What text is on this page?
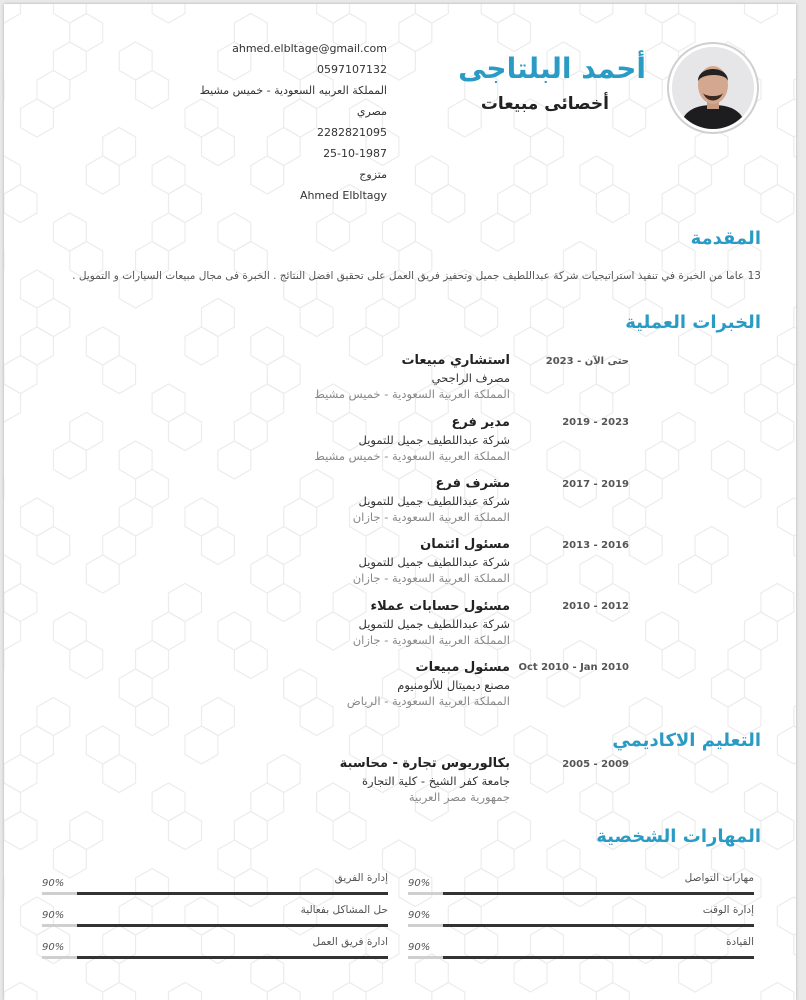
أحمد البلتاجى
أخصائى مبيعات
ahmed.elbltage@gmail.com
0597107132
المملكة العربيه السعودية - خميس مشيط
مصري
2282821095
25-10-1987
متزوج
Ahmed Elbltagy
المقدمة
13 عاما من الخبرة في تنفيذ استراتيجيات شركة عبداللطيف جميل وتحفيز فريق العمل على تحقيق افضل النتائج . الخبرة فى مجال مبيعات السيارات و التمويل .
الخبرات العملية
2023 - حتى الآن
استشاري مبيعات
مصرف الراجحي
المملكة العربية السعودية - خميس مشيط
2019 - 2023
مدير فرع
شركة عبداللطيف جميل للتمويل
المملكة العربية السعودية - خميس مشيط
2017 - 2019
مشرف فرع
شركة عبداللطيف جميل للتمويل
المملكة العربية السعودية - جازان
2013 - 2016
مسئول ائتمان
شركة عبداللطيف جميل للتمويل
المملكة العربية السعودية - جازان
2010 - 2012
مسئول حسابات عملاء
شركة عبداللطيف جميل للتمويل
المملكة العربية السعودية - جازان
Oct 2010 - Jan 2010
مسئول مبيعات
مصنع ديميتال للألومنيوم
المملكة العربية السعودية - الرياض
التعليم الاكاديمي
2005 - 2009
بكالوريوس تجارة - محاسبة
جامعة كفر الشيخ - كلية التجارة
جمهورية مصر العربية
المهارات الشخصية
مهارات التواصل
90%
إدارة الفريق
90%
إدارة الوقت
90%
حل المشاكل بفعالية
90%
القيادة
90%
ادارة فريق العمل
90%
